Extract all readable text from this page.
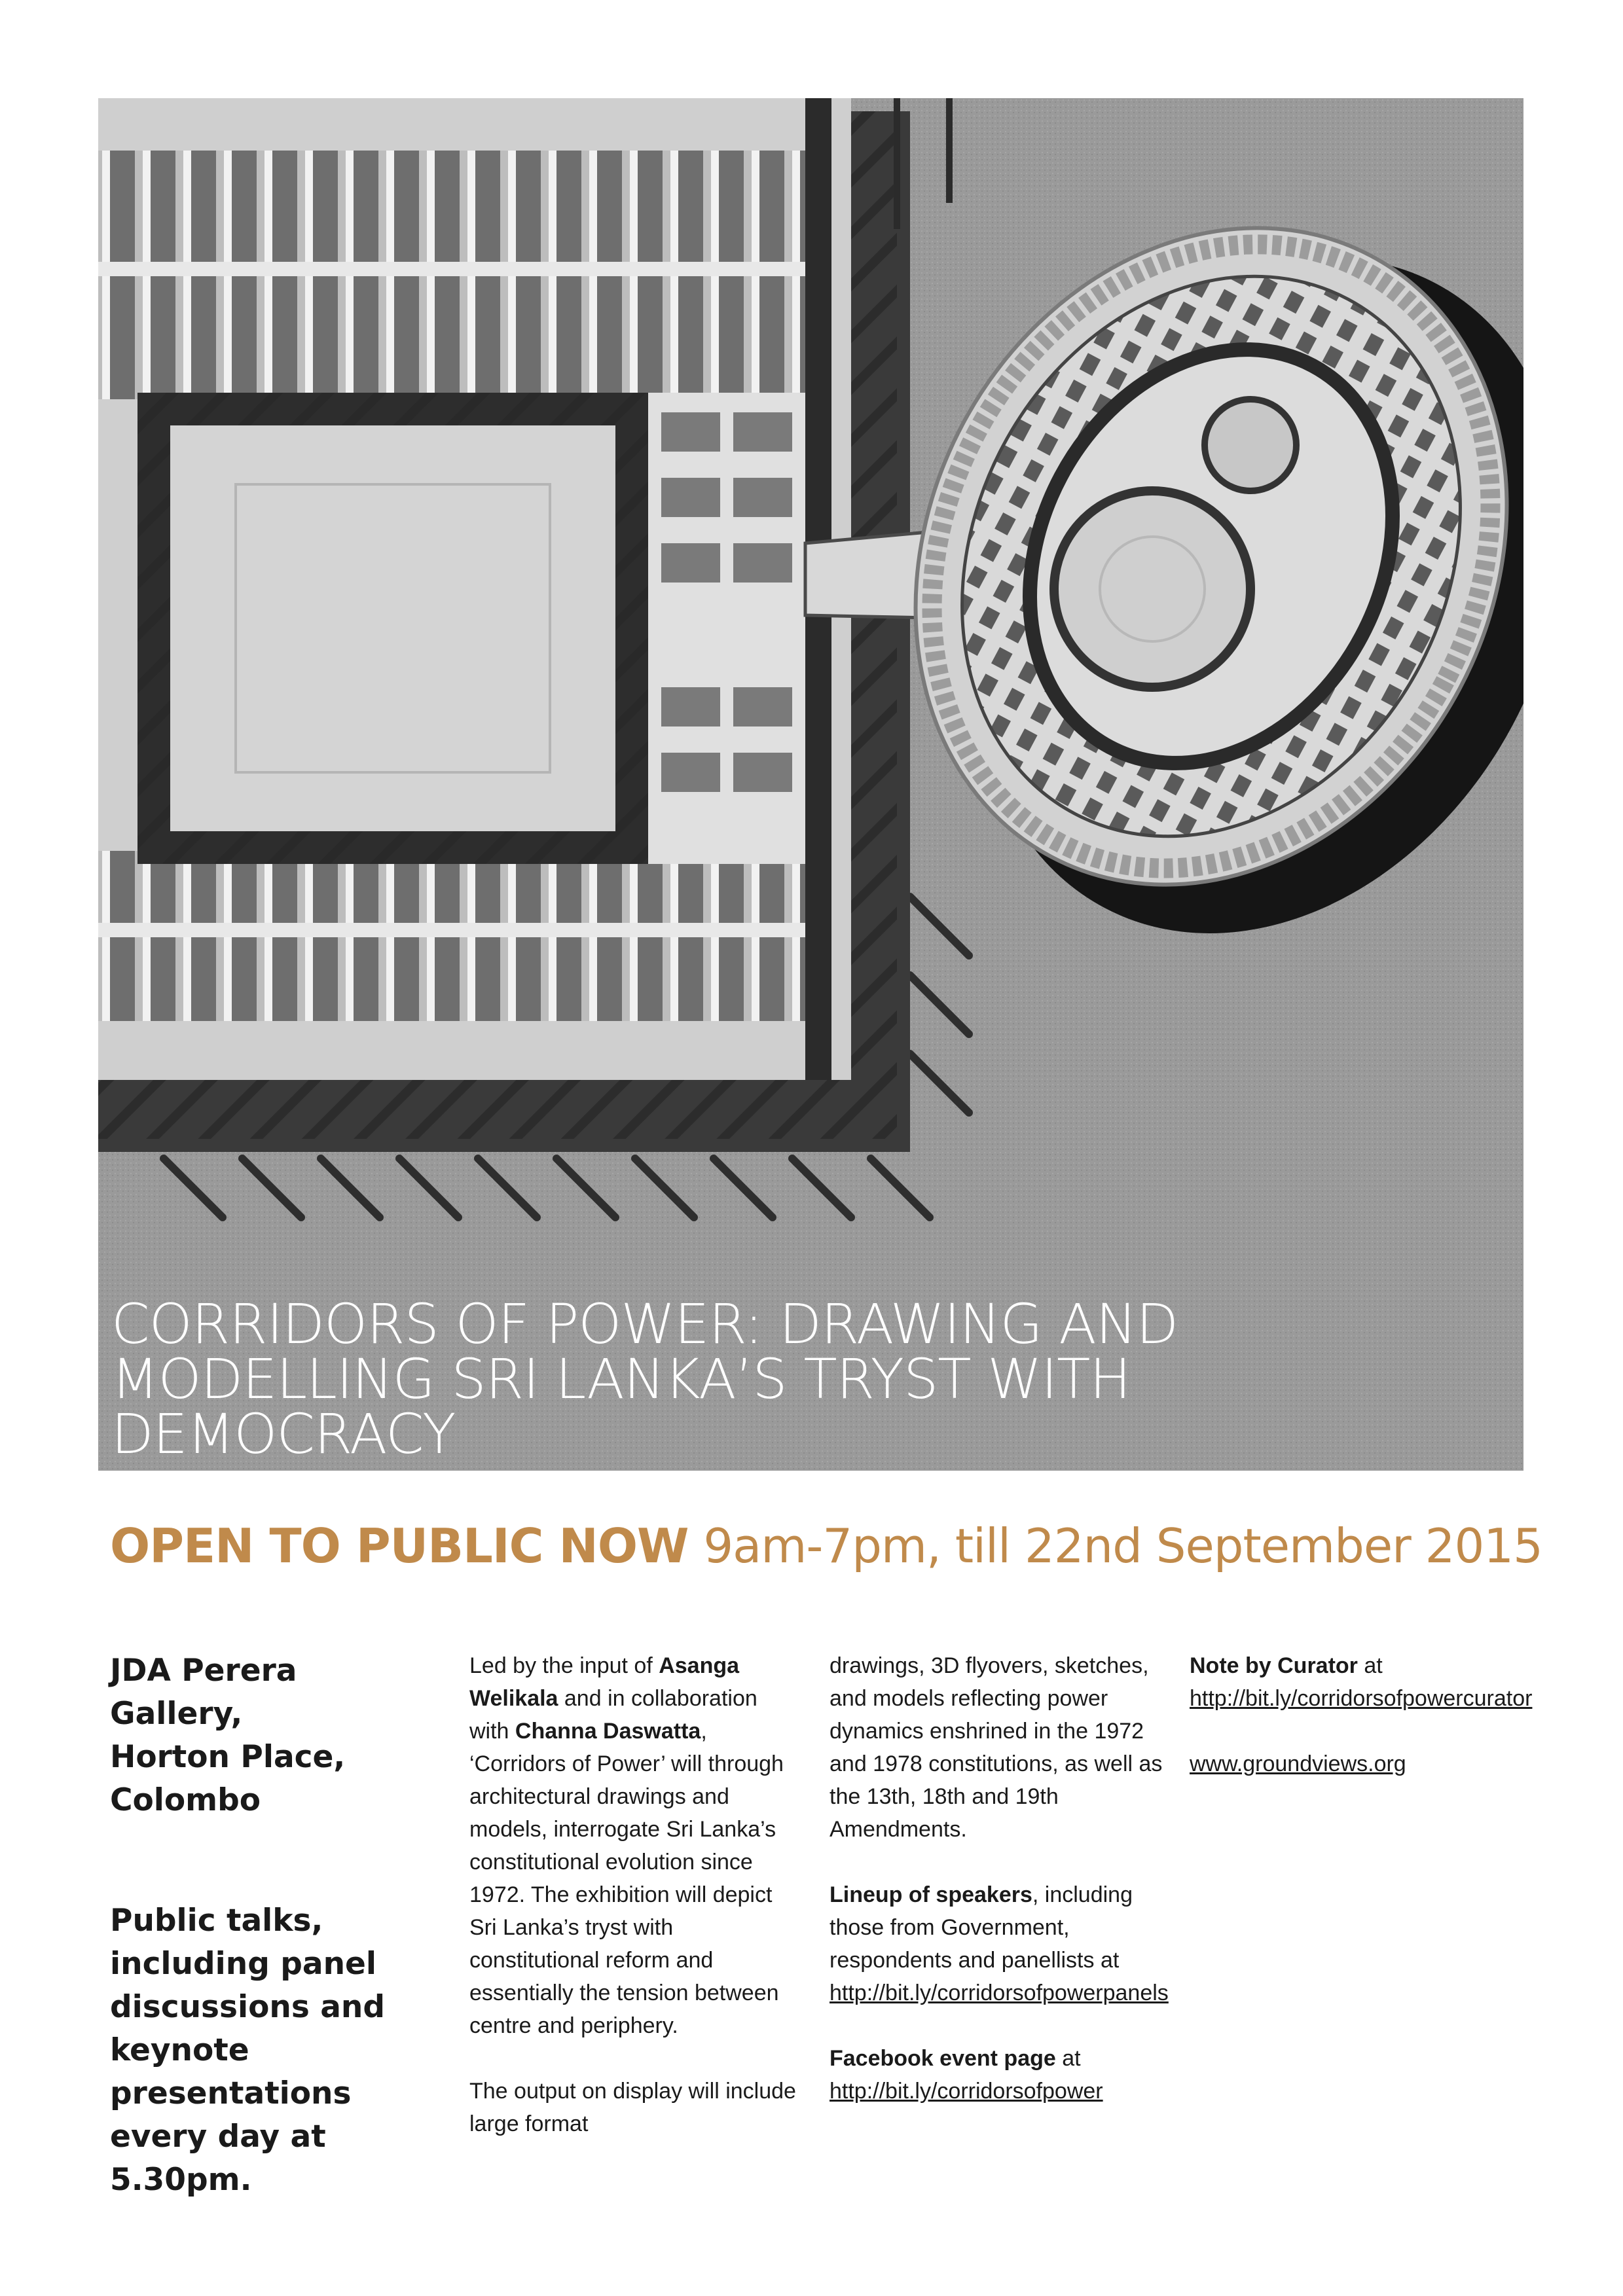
CORRIDORS OF POWER: DRAWING AND MODELLING SRI LANKA’S TRYST WITH DEMOCRACY
OPEN TO PUBLIC NOW 9am-7pm, till 22nd September 2015

JDA Perera Gallery,
Horton Place,
Colombo

Public talks, including panel discussions and keynote presentations every day at 5.30pm.

Led by the input of Asanga Welikala and in collaboration with Channa Daswatta, ‘Corridors of Power’ will through architectural drawings and models, interrogate Sri Lanka’s constitutional evolution since 1972. The exhibition will depict Sri Lanka’s tryst with constitutional reform and essentially the tension between centre and periphery.

The output on display will include large format

drawings, 3D flyovers, sketches, and models reflecting power dynamics enshrined in the 1972 and 1978 constitutions, as well as the 13th, 18th and 19th Amendments.

Lineup of speakers, including those from Government, respondents and panellists at http://bit.ly/corridorsofpowerpanels

Facebook event page at http://bit.ly/corridorsofpower

Note by Curator at http://bit.ly/corridorsofpowercurator

www.groundviews.org
